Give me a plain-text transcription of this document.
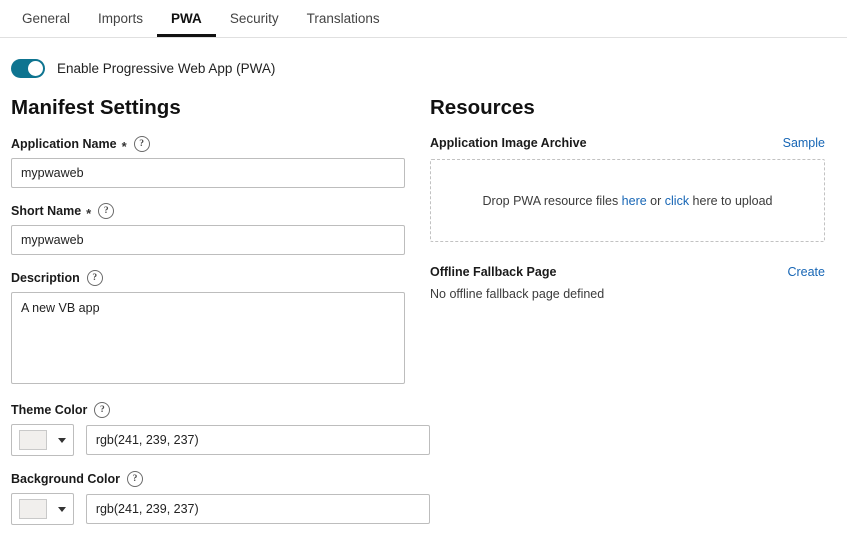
General	Imports	PWA	Security	Translations
Enable Progressive Web App (PWA)
Manifest Settings
Application Name *	?
mypwaweb
Short Name *	?
mypwaweb
Description	?
A new VB app
Theme Color	?
rgb(241, 239, 237)
Background Color	?
rgb(241, 239, 237)
Resources
Application Image Archive	Sample
Drop PWA resource files here or click here to upload
Offline Fallback Page	Create
No offline fallback page defined
